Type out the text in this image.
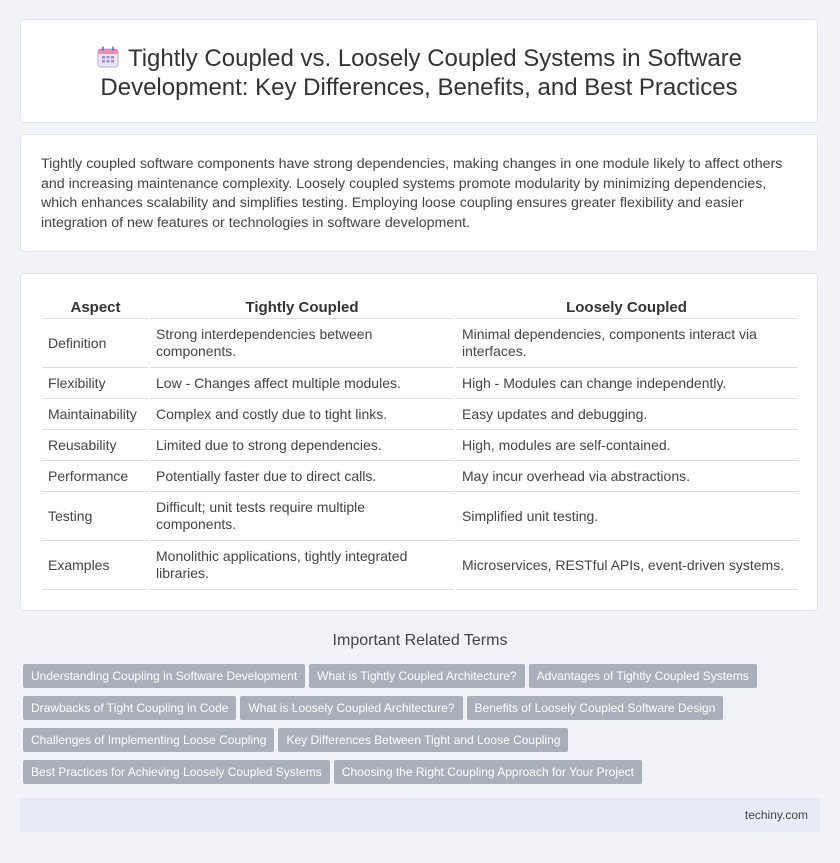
Tightly Coupled vs. Loosely Coupled Systems in Software
Development: Key Differences, Benefits, and Best Practices

Tightly coupled software components have strong dependencies, making changes in one module likely to affect others and increasing maintenance complexity. Loosely coupled systems promote modularity by minimizing dependencies, which enhances scalability and simplifies testing. Employing loose coupling ensures greater flexibility and easier integration of new features or technologies in software development.

Aspect	Tightly Coupled	Loosely Coupled
Definition	Strong interdependencies between components.	Minimal dependencies, components interact via interfaces.
Flexibility	Low - Changes affect multiple modules.	High - Modules can change independently.
Maintainability	Complex and costly due to tight links.	Easy updates and debugging.
Reusability	Limited due to strong dependencies.	High, modules are self-contained.
Performance	Potentially faster due to direct calls.	May incur overhead via abstractions.
Testing	Difficult; unit tests require multiple components.	Simplified unit testing.
Examples	Monolithic applications, tightly integrated libraries.	Microservices, RESTful APIs, event-driven systems.
Important Related Terms
Understanding Coupling in Software Development What is Tightly Coupled Architecture? Advantages of Tightly Coupled Systems
Drawbacks of Tight Coupling in Code What is Loosely Coupled Architecture? Benefits of Loosely Coupled Software Design
Challenges of Implementing Loose Coupling Key Differences Between Tight and Loose Coupling
Best Practices for Achieving Loosely Coupled Systems Choosing the Right Coupling Approach for Your Project
techiny.com
